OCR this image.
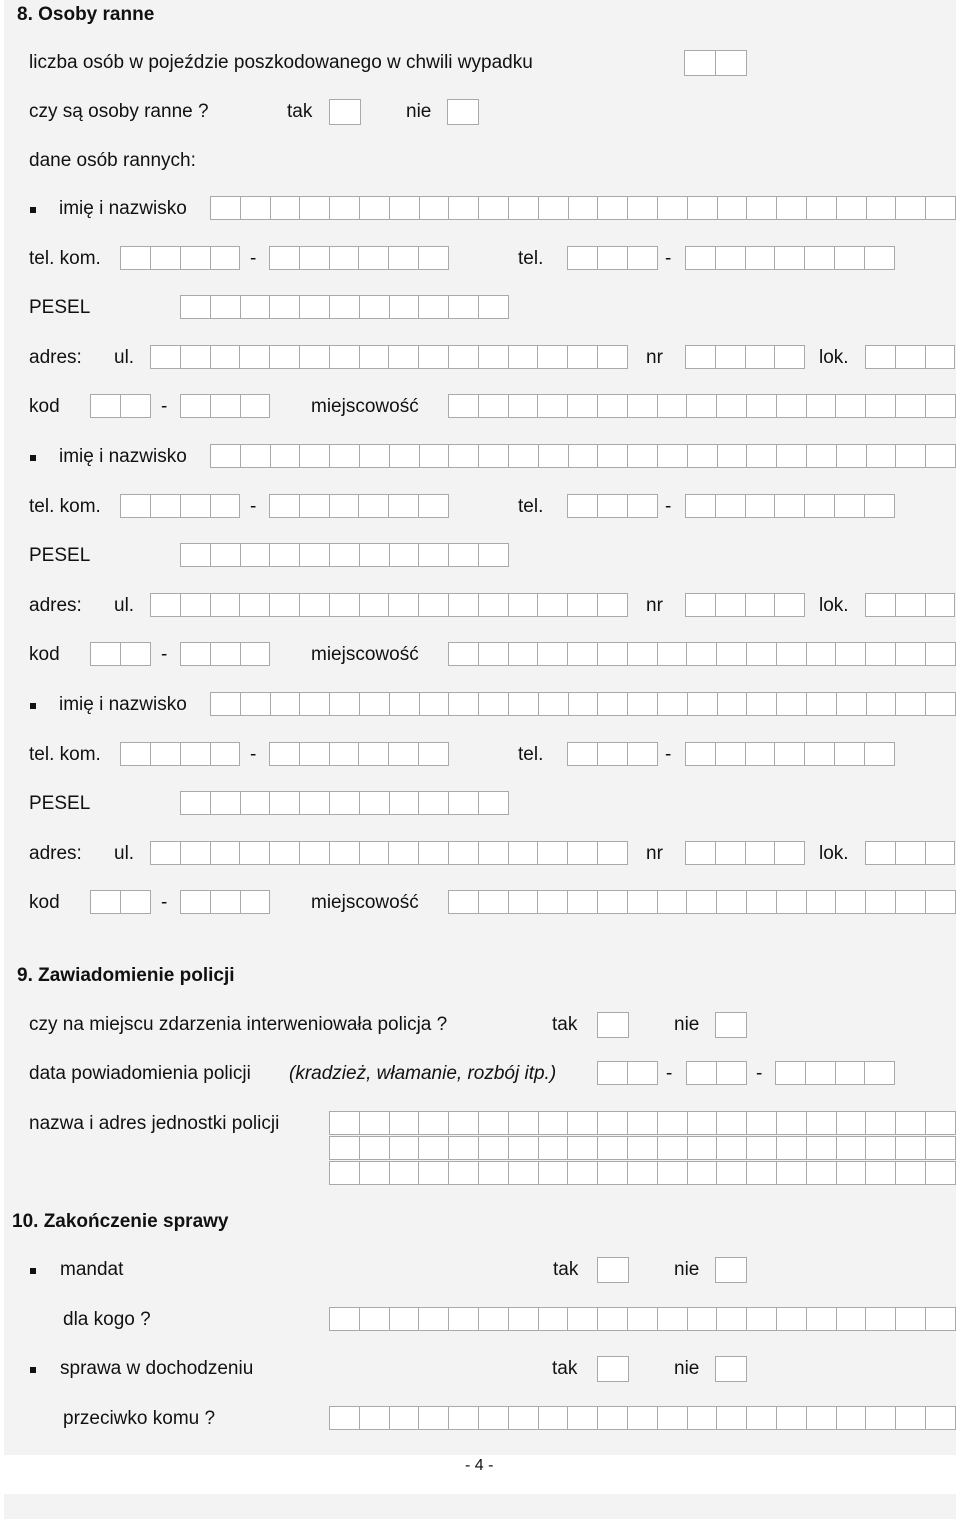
8. Osoby ranne
liczba osób w pojeździe poszkodowanego w chwili wypadku
czy są osoby ranne ?	tak	nie
dane osób rannych:
imię i nazwisko
tel. kom.	-	tel.	-
PESEL
adres: ul.	nr	lok.
kod	-	miejscowość
imię i nazwisko
tel. kom.	-	tel.	-
PESEL
adres: ul.	nr	lok.
kod	-	miejscowość
imię i nazwisko
tel. kom.	-	tel.	-
PESEL
adres: ul.	nr	lok.
kod	-	miejscowość
9. Zawiadomienie policji
czy na miejscu zdarzenia interweniowała policja ?	tak	nie
data powiadomienia policji (kradzież, włamanie, rozbój itp.)	-	-
nazwa i adres jednostki policji
10. Zakończenie sprawy
mandat	tak	nie
dla kogo ?
sprawa w dochodzeniu	tak	nie
przeciwko komu ?
- 4 -
